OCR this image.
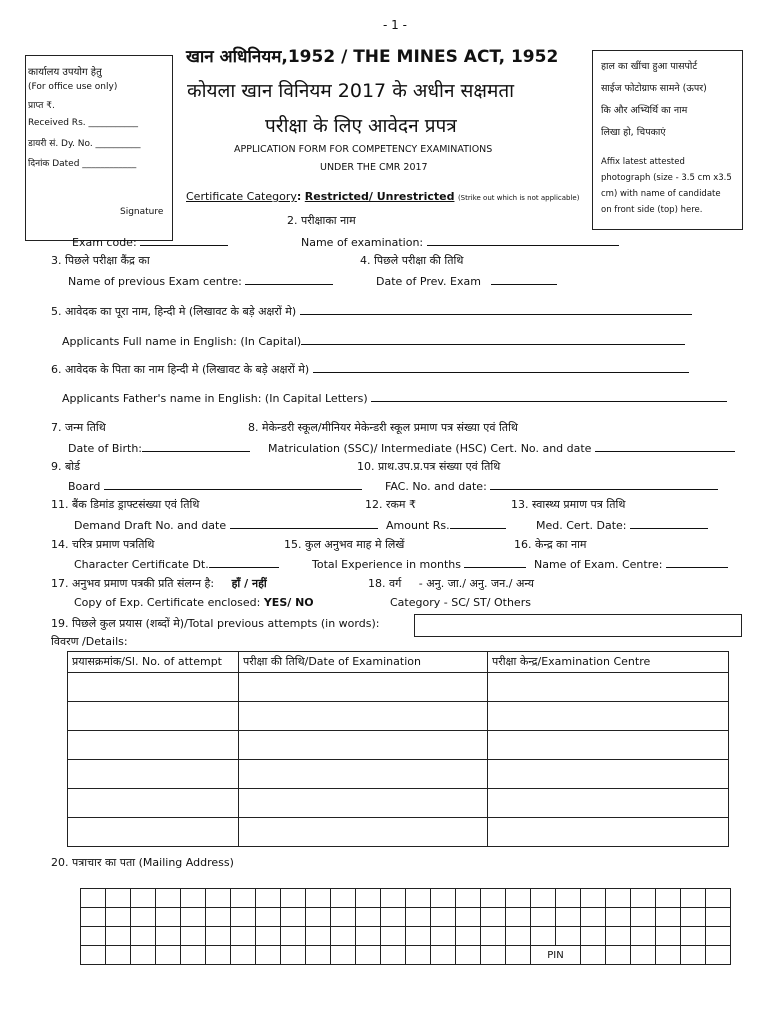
- 1 -
कार्यालय उपयोग हेतु
(For office use only)
प्राप्त ₹.
Received Rs. ___________
डायरी सं. Dy. No. __________
दिनांक Dated ____________
Signature
खान अधिनियम,1952 / THE MINES ACT, 1952
कोयला खान विनियम 2017 के अधीन सक्षमता
परीक्षा के लिए आवेदन प्रपत्र
APPLICATION FORM FOR COMPETENCY EXAMINATIONS
UNDER THE CMR 2017
Certificate Category: Restricted/ Unrestricted (Strike out which is not applicable)
हाल का खींचा हुआ पासपोर्ट
साईज फोटोग्राफ सामने (ऊपर)
कि और अभ्यिर्थि का नाम
लिखा हो, चिपकाएं
Affix latest attested
photograph (size - 3.5 cm x3.5
cm) with name of candidate
on front side (top) here.
2. परीक्षाका नाम
Exam code:	Name of examination:
3. पिछले परीक्षा कैंद्र का	4. पिछले परीक्षा की तिथि
Name of previous Exam centre:	Date of Prev. Exam
5. आवेदक का पूरा नाम, हिन्दी मे (लिखावट के बड़े अक्षरों मे)
Applicants Full name in English: (In Capital)
6. आवेदक के पिता का नाम हिन्दी मे (लिखावट के बड़े अक्षरों मे)
Applicants Father's name in English: (In Capital Letters)
7. जन्म तिथि	8. मेकेन्डरी स्कूल/मीनियर मेकेन्डरी स्कूल प्रमाण पत्र संख्या एवं तिथि
Date of Birth:	Matriculation (SSC)/ Intermediate (HSC) Cert. No. and date
9. बोर्ड	10. प्राथ.उप.प्र.पत्र संख्या एवं तिथि
Board	FAC. No. and date:
11. बैंक डिमांड ड्राफ्टसंख्या एवं तिथि	12. रकम ₹	13. स्वास्थ्य प्रमाण पत्र तिथि
Demand Draft No. and date	Amount Rs.	Med. Cert. Date:
14. चरित्र प्रमाण पत्रतिथि	15. कुल अनुभव माह मे लिखें	16. केन्द्र का नाम
Character Certificate Dt.	Total Experience in months	Name of Exam. Centre:
17. अनुभव प्रमाण पत्रकी प्रति संलग्न है: हाँ / नहीं	18. वर्ग - अनु. जा./ अनु. जन./ अन्य
Copy of Exp. Certificate enclosed: YES/ NO	Category - SC/ ST/ Others
19. पिछले कुल प्रयास (शब्दों मे)/Total previous attempts (in words):
विवरण /Details:
प्रयासक्रमांक/Sl. No. of attempt	परीक्षा की तिथि/Date of Examination	परीक्षा केन्द्र/Examination Centre

20. पत्राचार का पता (Mailing Address)

																		PIN							
